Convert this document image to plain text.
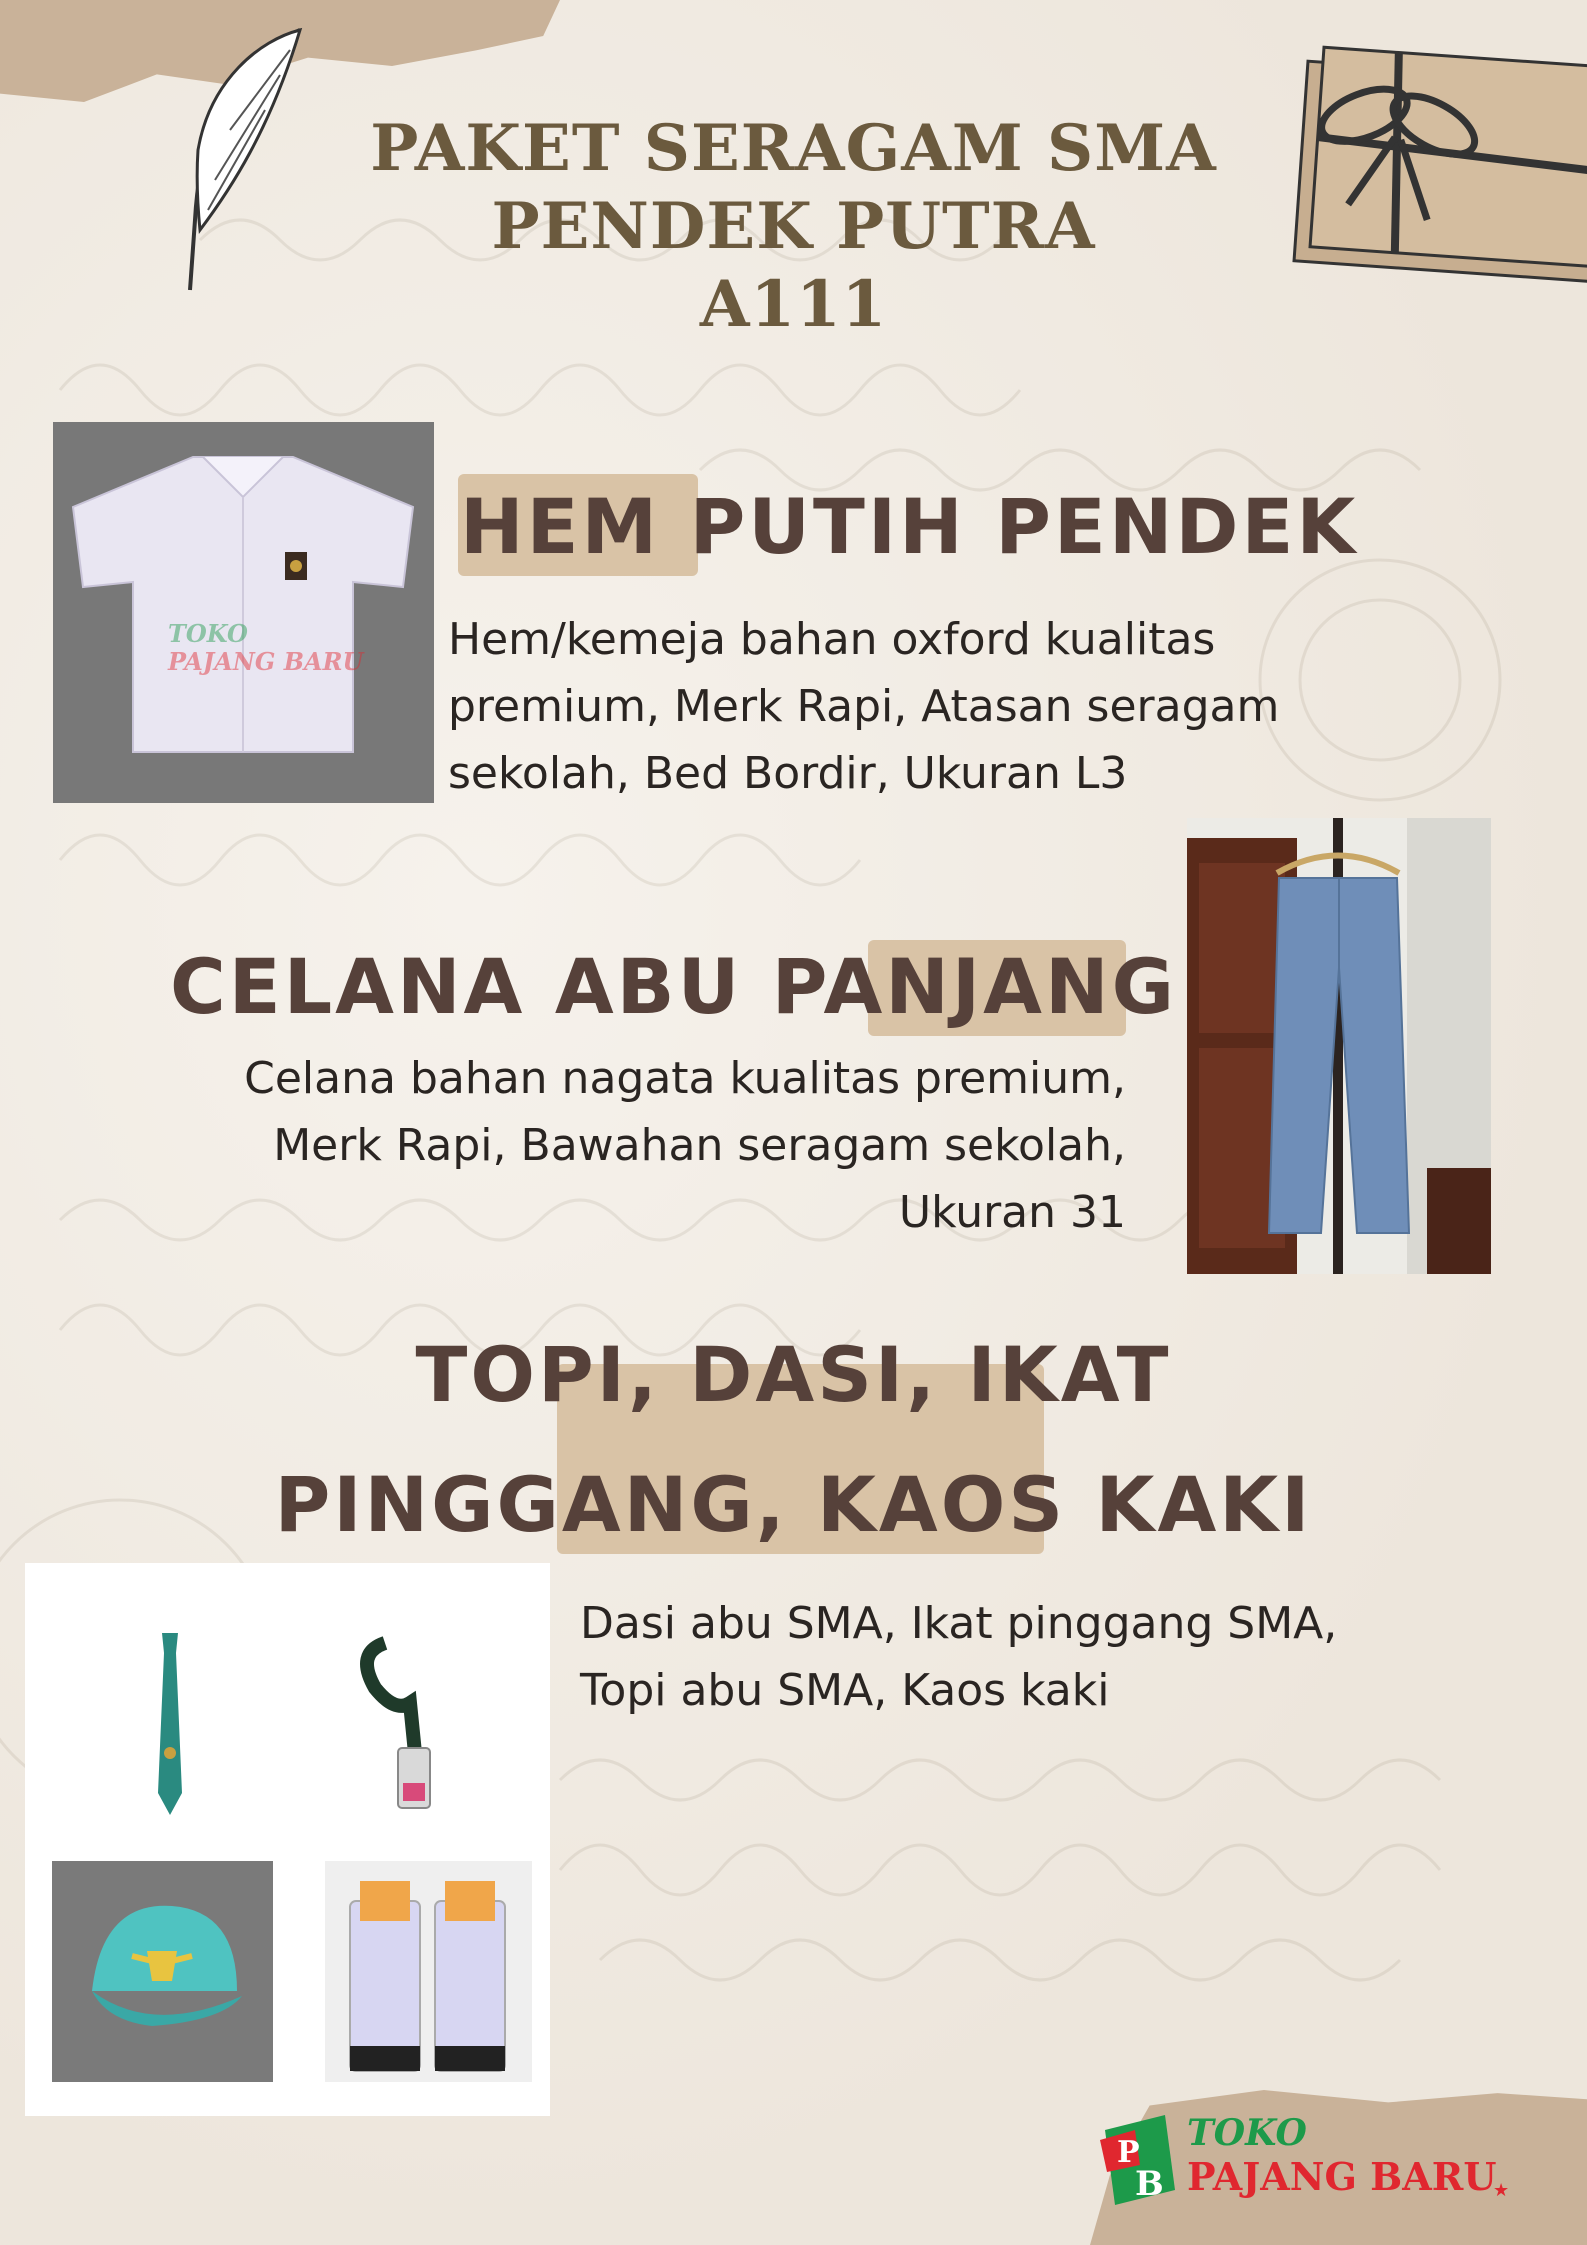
PAKET SERAGAM SMA
PENDEK PUTRA
A111
TOKO
PAJANG BARU
HEM PUTIH PENDEK
Hem/kemeja bahan oxford kualitas
premium, Merk Rapi, Atasan seragam
sekolah, Bed Bordir, Ukuran L3
CELANA ABU PANJANG
Celana bahan nagata kualitas premium,
Merk Rapi, Bawahan seragam sekolah,
Ukuran 31
TOPI, DASI, IKAT
PINGGANG, KAOS KAKI
Dasi abu SMA, Ikat pinggang SMA,
Topi abu SMA, Kaos kaki
P
B
TOKO
PAJANG BARU
★
